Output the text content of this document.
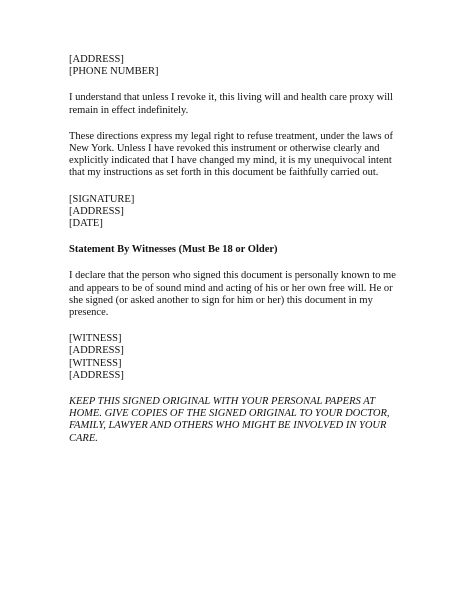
[ADDRESS]
[PHONE NUMBER]

I understand that unless I revoke it, this living will and health care proxy will remain in effect indefinitely.

These directions express my legal right to refuse treatment, under the laws of New York. Unless I have revoked this instrument or otherwise clearly and explicitly indicated that I have changed my mind, it is my unequivocal intent that my instructions as set forth in this document be faithfully carried out.

[SIGNATURE]
[ADDRESS]
[DATE]
Statement By Witnesses (Must Be 18 or Older)

I declare that the person who signed this document is personally known to me and appears to be of sound mind and acting of his or her own free will. He or she signed (or asked another to sign for him or her) this document in my presence.

[WITNESS]
[ADDRESS]
[WITNESS]
[ADDRESS]

KEEP THIS SIGNED ORIGINAL WITH YOUR PERSONAL PAPERS AT HOME. GIVE COPIES OF THE SIGNED ORIGINAL TO YOUR DOCTOR, FAMILY, LAWYER AND OTHERS WHO MIGHT BE INVOLVED IN YOUR CARE.
